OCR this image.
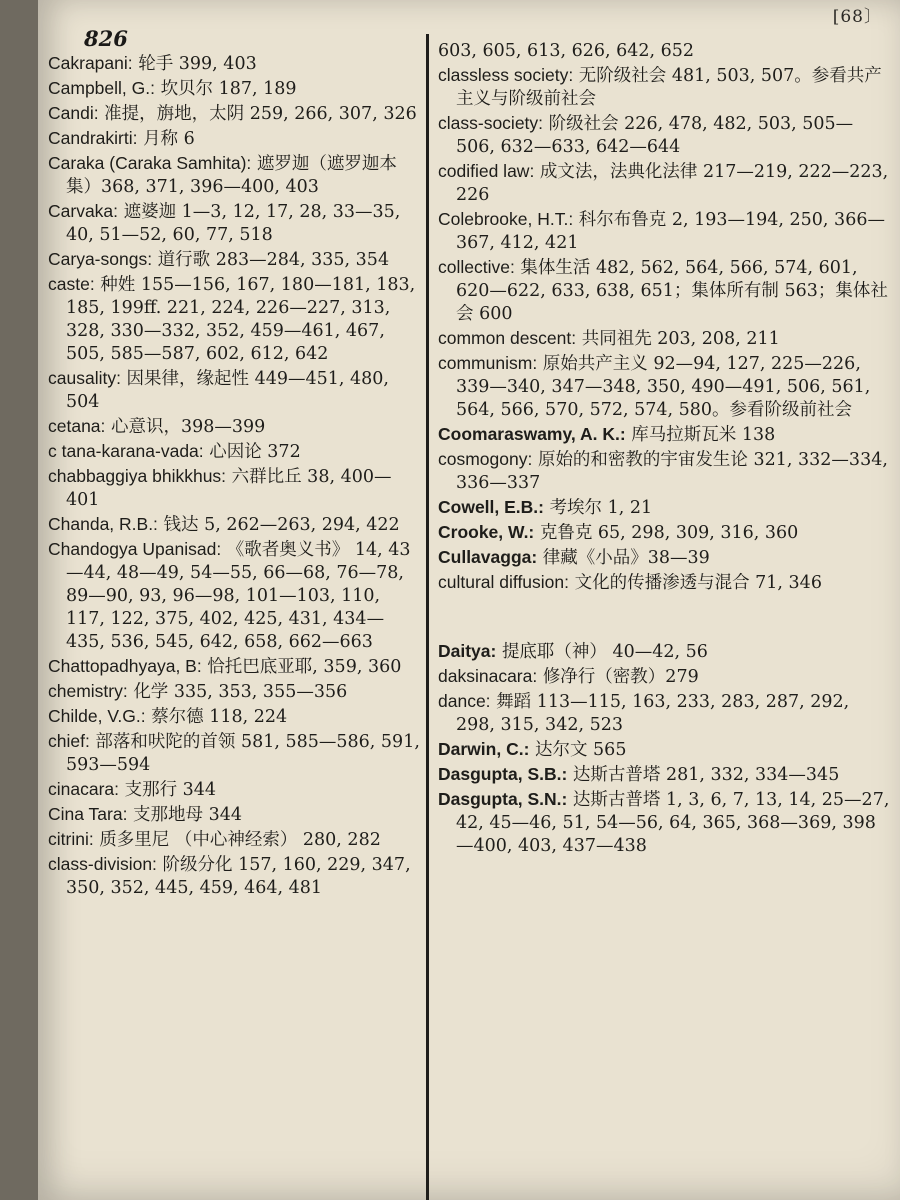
826
[68〕
Cakrapani: 轮手 399, 403
Campbell, G.: 坎贝尔 187, 189
Candi: 准提，旃地，太阴 259, 266, 307, 326
Candrakirti: 月称 6
Caraka (Caraka Samhita): 遮罗迦（遮罗迦本集）368, 371, 396—400, 403
Carvaka: 遮婆迦 1—3, 12, 17, 28, 33—35, 40, 51—52, 60, 77, 518
Carya-songs: 道行歌 283—284, 335, 354
caste: 种姓 155—156, 167, 180—181, 183, 185, 199ff. 221, 224, 226—227, 313, 328, 330—332, 352, 459—461, 467, 505, 585—587, 602, 612, 642
causality: 因果律，缘起性 449—451, 480, 504
cetana: 心意识，398—399
c tana-karana-vada: 心因论 372
chabbaggiya bhikkhus: 六群比丘 38, 400—401
Chanda, R.B.: 钱达 5, 262—263, 294, 422
Chandogya Upanisad: 《歌者奥义书》 14, 43—44, 48—49, 54—55, 66—68, 76—78, 89—90, 93, 96—98, 101—103, 110, 117, 122, 375, 402, 425, 431, 434—435, 536, 545, 642, 658, 662—663
Chattopadhyaya, B: 恰托巴底亚耶, 359, 360
chemistry: 化学 335, 353, 355—356
Childe, V.G.: 蔡尔德 118, 224
chief: 部落和吠陀的首领 581, 585—586, 591, 593—594
cinacara: 支那行 344
Cina Tara: 支那地母 344
citrini: 质多里尼 （中心神经索） 280, 282
class-division: 阶级分化 157, 160, 229, 347, 350, 352, 445, 459, 464, 481
603, 605, 613, 626, 642, 652
classless society: 无阶级社会 481, 503, 507。参看共产主义与阶级前社会
class-society: 阶级社会 226, 478, 482, 503, 505—506, 632—633, 642—644
codified law: 成文法，法典化法律 217—219, 222—223, 226
Colebrooke, H.T.: 科尔布鲁克 2, 193—194, 250, 366—367, 412, 421
collective: 集体生活 482, 562, 564, 566, 574, 601, 620—622, 633, 638, 651；集体所有制 563；集体社会 600
common descent: 共同祖先 203, 208, 211
communism: 原始共产主义 92—94, 127, 225—226, 339—340, 347—348, 350, 490—491, 506, 561, 564, 566, 570, 572, 574, 580。参看阶级前社会
Coomaraswamy, A. K.: 库马拉斯瓦米 138
cosmogony: 原始的和密教的宇宙发生论 321, 332—334, 336—337
Cowell, E.B.: 考埃尔 1, 21
Crooke, W.: 克鲁克 65, 298, 309, 316, 360
Cullavagga: 律藏《小品》38—39
cultural diffusion: 文化的传播渗透与混合 71, 346
Daitya: 提底耶（神） 40—42, 56
daksinacara: 修净行（密教）279
dance: 舞蹈 113—115, 163, 233, 283, 287, 292, 298, 315, 342, 523
Darwin, C.: 达尔文 565
Dasgupta, S.B.: 达斯古普塔 281, 332, 334—345
Dasgupta, S.N.: 达斯古普塔 1, 3, 6, 7, 13, 14, 25—27, 42, 45—46, 51, 54—56, 64, 365, 368—369, 398—400, 403, 437—438
